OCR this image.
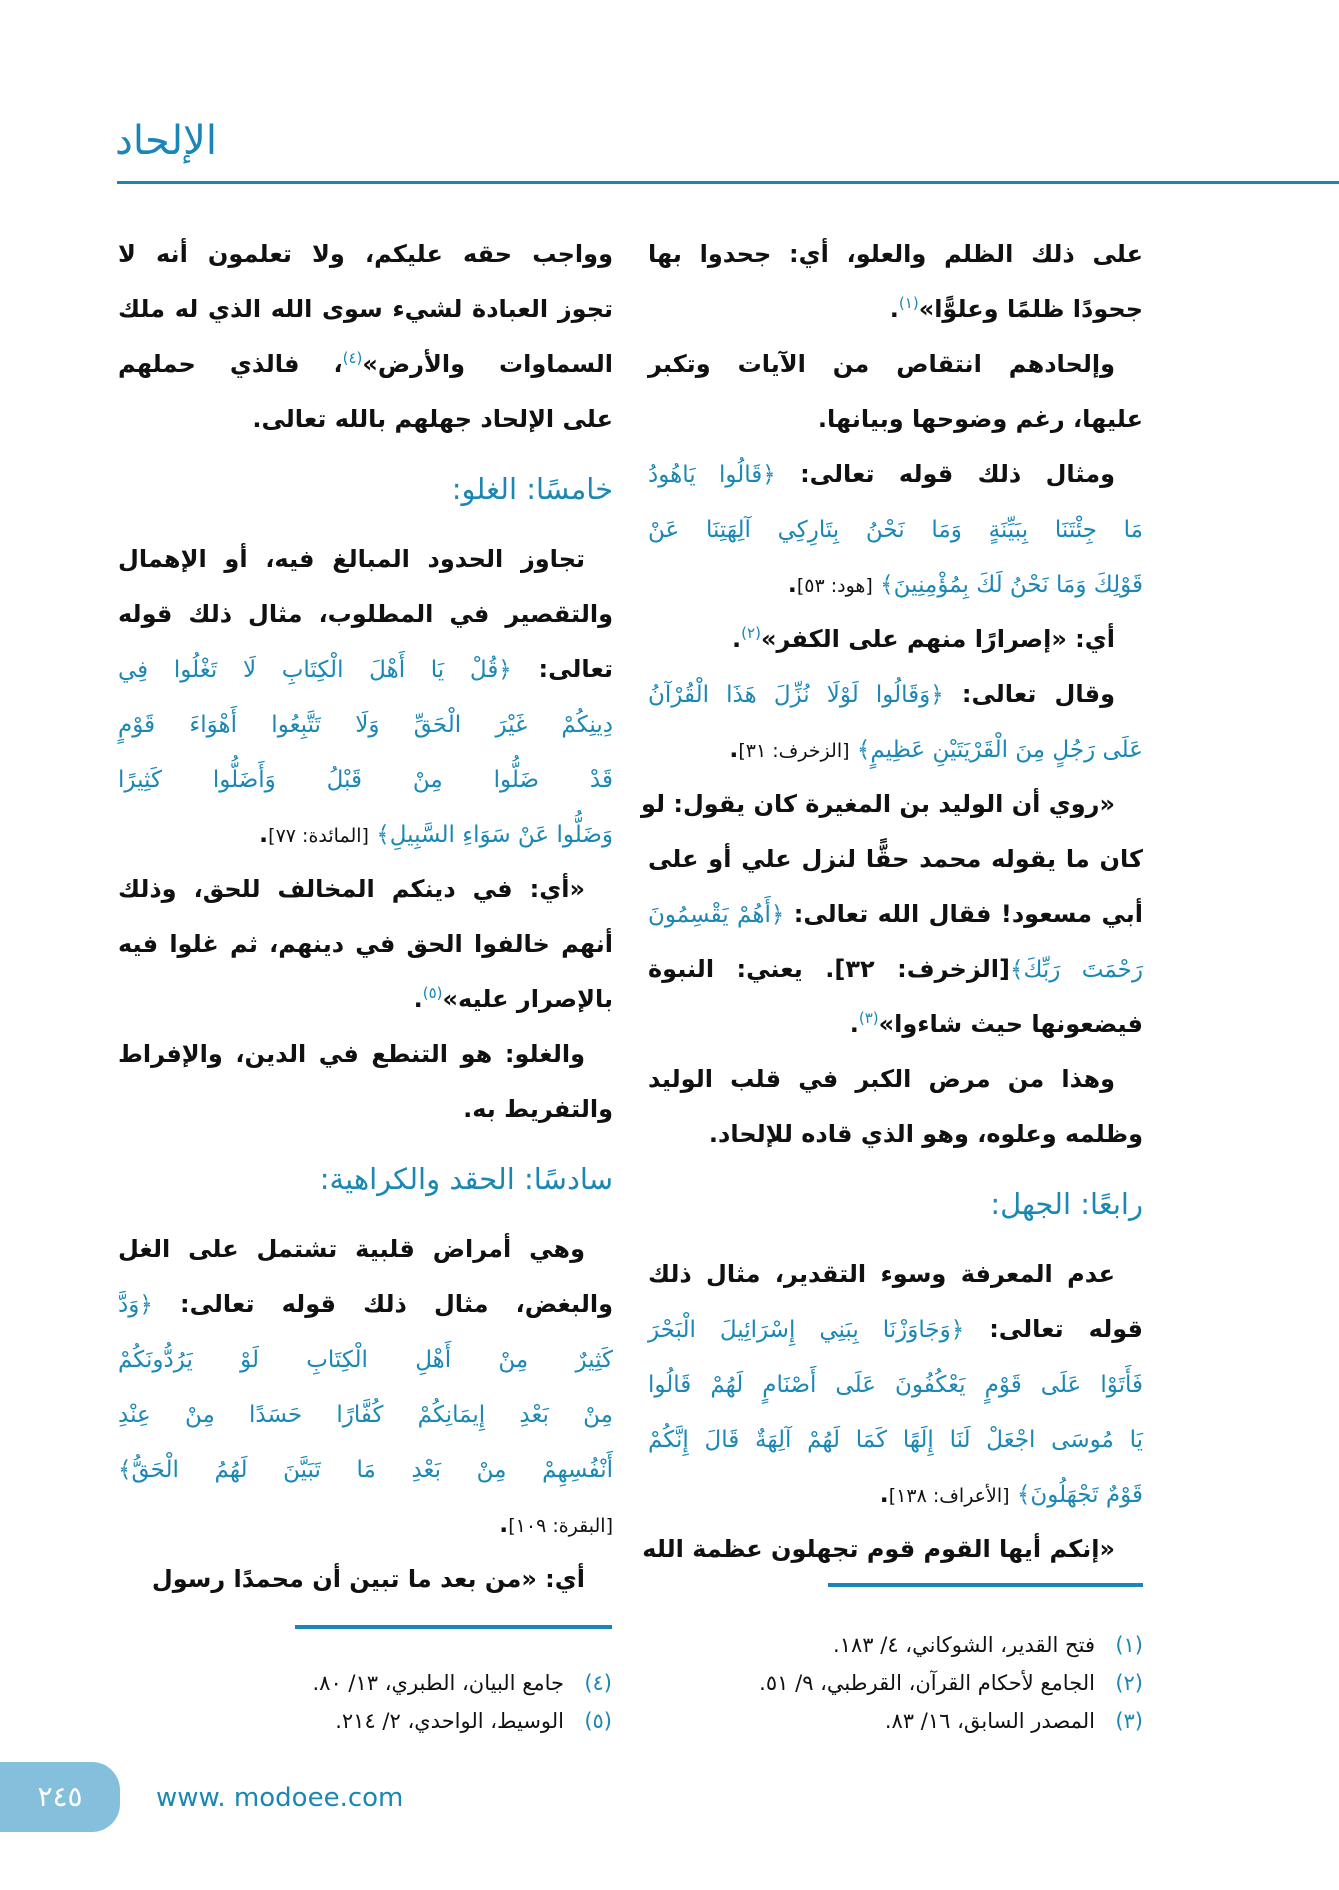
الإلحاد
على ذلك الظلم والعلو، أي: جحدوا بها
جحودًا ظلمًا وعلوًّا»$^{(١)}$.
وإلحادهم انتقاص من الآيات وتكبر
عليها، رغم وضوحها وبيانها.
ومثال ذلك قوله تعالى: ﴿قَالُوا يَاهُودُ
مَا جِئْتَنَا بِبَيِّنَةٍ وَمَا نَحْنُ بِتَارِكِي آلِهَتِنَا عَنْ
قَوْلِكَ وَمَا نَحْنُ لَكَ بِمُؤْمِنِينَ﴾ [هود: ٥٣].
أي: «إصرارًا منهم على الكفر»$^{(٢)}$.
وقال تعالى: ﴿وَقَالُوا لَوْلَا نُزِّلَ هَذَا الْقُرْآنُ
عَلَى رَجُلٍ مِنَ الْقَرْيَتَيْنِ عَظِيمٍ﴾ [الزخرف: ٣١].
«روي أن الوليد بن المغيرة كان يقول: لو
كان ما يقوله محمد حقًّا لنزل علي أو على
أبي مسعود! فقال الله تعالى: ﴿أَهُمْ يَقْسِمُونَ
رَحْمَتَ رَبِّكَ﴾[الزخرف: ٣٢]. يعني: النبوة
فيضعونها حيث شاءوا»$^{(٣)}$.
وهذا من مرض الكبر في قلب الوليد
وظلمه وعلوه، وهو الذي قاده للإلحاد.
رابعًا: الجهل:
عدم المعرفة وسوء التقدير، مثال ذلك
قوله تعالى: ﴿وَجَاوَزْنَا بِبَنِي إِسْرَائِيلَ الْبَحْرَ
فَأَتَوْا عَلَى قَوْمٍ يَعْكُفُونَ عَلَى أَصْنَامٍ لَهُمْ قَالُوا
يَا مُوسَى اجْعَلْ لَنَا إِلَهًا كَمَا لَهُمْ آلِهَةٌ قَالَ إِنَّكُمْ
قَوْمٌ تَجْهَلُونَ﴾ [الأعراف: ١٣٨].
«إنكم أيها القوم قوم تجهلون عظمة الله
وواجب حقه عليكم، ولا تعلمون أنه لا
تجوز العبادة لشيء سوى الله الذي له ملك
السماوات والأرض»$^{(٤)}$، فالذي حملهم
على الإلحاد جهلهم بالله تعالى.
خامسًا: الغلو:
تجاوز الحدود المبالغ فيه، أو الإهمال
والتقصير في المطلوب، مثال ذلك قوله
تعالى: ﴿قُلْ يَا أَهْلَ الْكِتَابِ لَا تَغْلُوا فِي
دِينِكُمْ غَيْرَ الْحَقِّ وَلَا تَتَّبِعُوا أَهْوَاءَ قَوْمٍ
قَدْ ضَلُّوا مِنْ قَبْلُ وَأَضَلُّوا كَثِيرًا
وَضَلُّوا عَنْ سَوَاءِ السَّبِيلِ﴾ [المائدة: ٧٧].
«أي: في دينكم المخالف للحق، وذلك
أنهم خالفوا الحق في دينهم، ثم غلوا فيه
بالإصرار عليه»$^{(٥)}$.
والغلو: هو التنطع في الدين، والإفراط
والتفريط به.
سادسًا: الحقد والكراهية:
وهي أمراض قلبية تشتمل على الغل
والبغض، مثال ذلك قوله تعالى: ﴿وَدَّ
كَثِيرٌ مِنْ أَهْلِ الْكِتَابِ لَوْ يَرُدُّونَكُمْ
مِنْ بَعْدِ إِيمَانِكُمْ كُفَّارًا حَسَدًا مِنْ عِنْدِ
أَنْفُسِهِمْ مِنْ بَعْدِ مَا تَبَيَّنَ لَهُمُ الْحَقُّ﴾
[البقرة: ١٠٩].
أي: «من بعد ما تبين أن محمدًا رسول
(١)فتح القدير، الشوكاني، ٤/ ١٨٣.
(٢)الجامع لأحكام القرآن، القرطبي، ٩/ ٥١.
(٣)المصدر السابق، ١٦/ ٨٣.
(٤)جامع البيان، الطبري، ١٣/ ٨٠.
(٥)الوسيط، الواحدي، ٢/ ٢١٤.
٢٤٥	www. modoee.com
